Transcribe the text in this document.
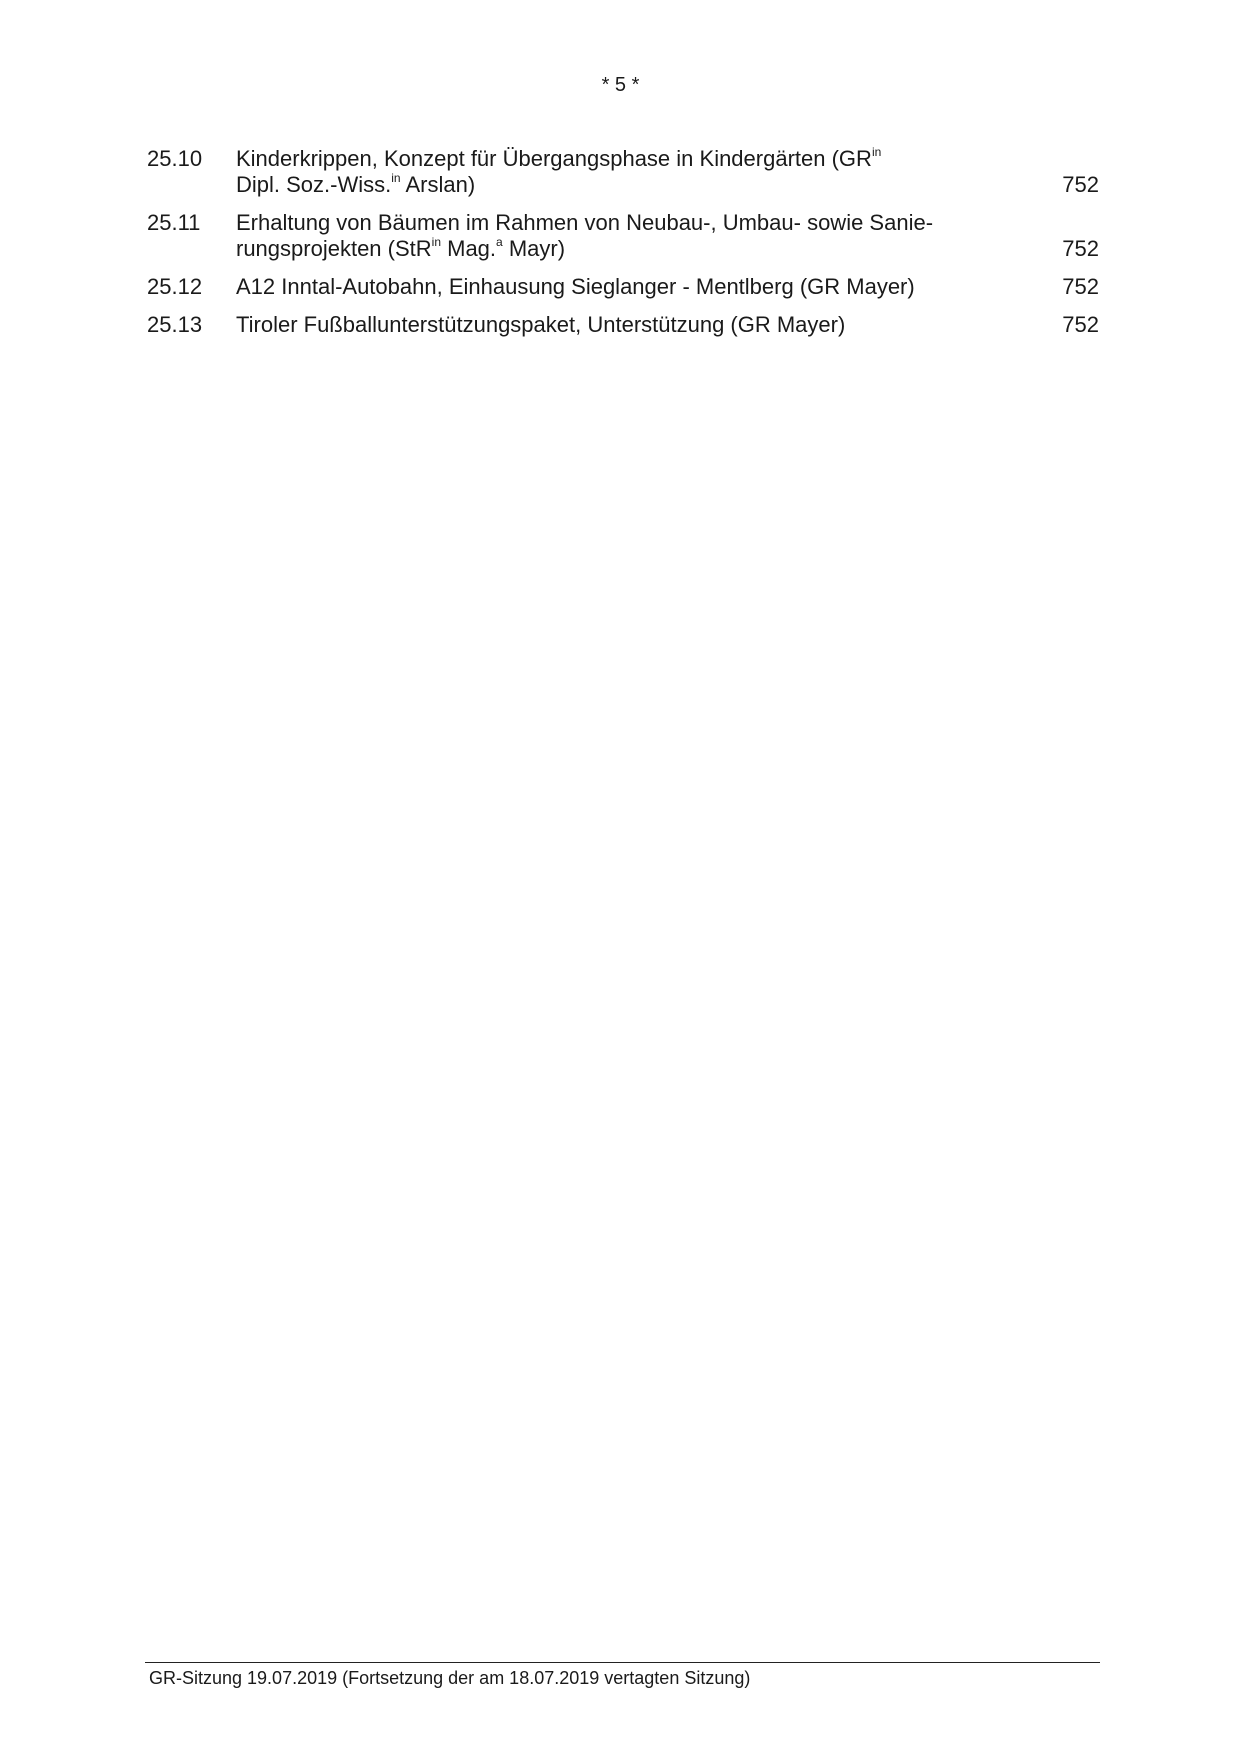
* 5 *
25.10 Kinderkrippen, Konzept für Übergangsphase in Kindergärten ($GR^{in}$
Dipl. Soz.-Wiss.$^{in}$ Arslan)	752
25.11 Erhaltung von Bäumen im Rahmen von Neubau-, Umbau- sowie Sanie-
rungsprojekten (StR$^{in}$ Mag.$^a$ Mayr)	752
25.12 A12 Inntal-Autobahn, Einhausung Sieglanger - Mentlberg (GR Mayer)	752
25.13 Tiroler Fußballunterstützungspaket, Unterstützung (GR Mayer)	752
GR-Sitzung 19.07.2019 (Fortsetzung der am 18.07.2019 vertagten Sitzung)
